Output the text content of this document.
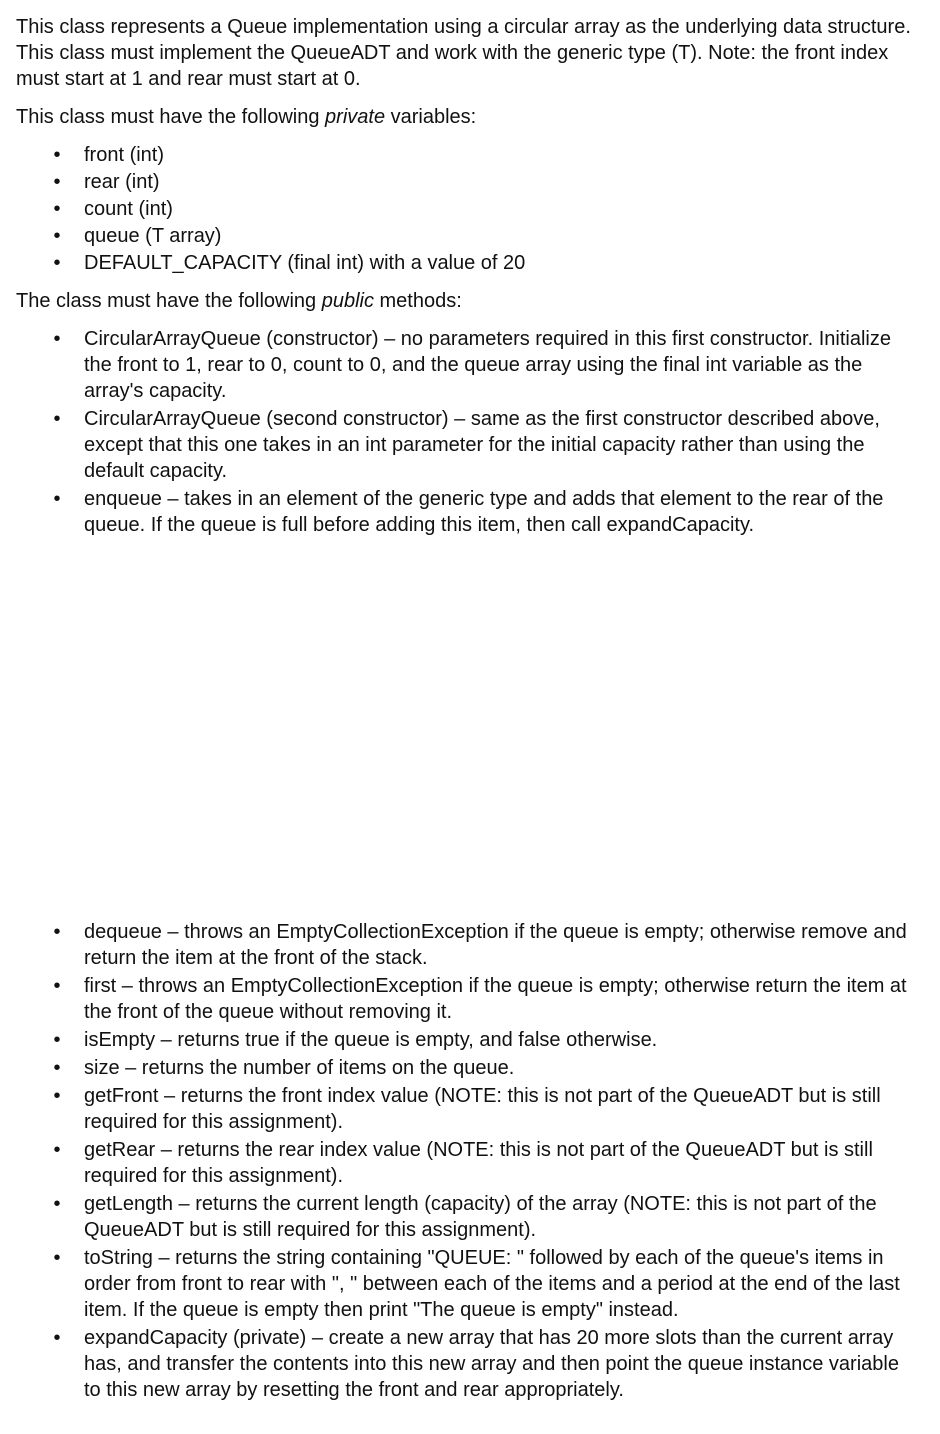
This class represents a Queue implementation using a circular array as the underlying data structure. This class must implement the QueueADT and work with the generic type (T). Note: the front index must start at 1 and rear must start at 0.

This class must have the following private variables:

• front (int)
• rear (int)
• count (int)
• queue (T array)
• DEFAULT_CAPACITY (final int) with a value of 20

The class must have the following public methods:

• CircularArrayQueue (constructor) – no parameters required in this first constructor. Initialize the front to 1, rear to 0, count to 0, and the queue array using the final int variable as the array's capacity.
• CircularArrayQueue (second constructor) – same as the first constructor described above, except that this one takes in an int parameter for the initial capacity rather than using the default capacity.
• enqueue – takes in an element of the generic type and adds that element to the rear of the queue. If the queue is full before adding this item, then call expandCapacity.
• dequeue – throws an EmptyCollectionException if the queue is empty; otherwise remove and return the item at the front of the stack.
• first – throws an EmptyCollectionException if the queue is empty; otherwise return the item at the front of the queue without removing it.
• isEmpty – returns true if the queue is empty, and false otherwise.
• size – returns the number of items on the queue.
• getFront – returns the front index value (NOTE: this is not part of the QueueADT but is still required for this assignment).
• getRear – returns the rear index value (NOTE: this is not part of the QueueADT but is still required for this assignment).
• getLength – returns the current length (capacity) of the array (NOTE: this is not part of the QueueADT but is still required for this assignment).
• toString – returns the string containing "QUEUE: " followed by each of the queue's items in order from front to rear with ", " between each of the items and a period at the end of the last item. If the queue is empty then print "The queue is empty" instead.
• expandCapacity (private) – create a new array that has 20 more slots than the current array has, and transfer the contents into this new array and then point the queue instance variable to this new array by resetting the front and rear appropriately.
